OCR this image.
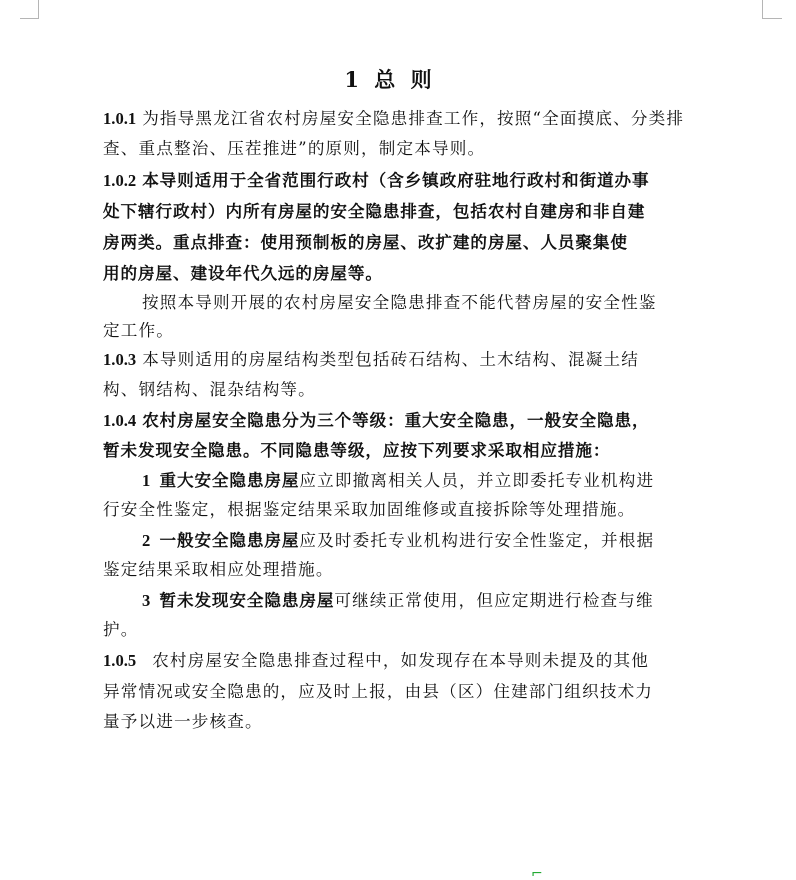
1 总 则
1.0.1 为指导黑龙江省农村房屋安全隐患排查工作，按照“全面摸底、分类排
查、重点整治、压茬推进”的原则，制定本导则。
1.0.2 本导则适用于全省范围行政村（含乡镇政府驻地行政村和街道办事
处下辖行政村）内所有房屋的安全隐患排查，包括农村自建房和非自建
房两类。重点排查：使用预制板的房屋、改扩建的房屋、人员聚集使
用的房屋、建设年代久远的房屋等。
按照本导则开展的农村房屋安全隐患排查不能代替房屋的安全性鉴
定工作。
1.0.3 本导则适用的房屋结构类型包括砖石结构、土木结构、混凝土结
构、钢结构、混杂结构等。
1.0.4 农村房屋安全隐患分为三个等级：重大安全隐患，一般安全隐患，
暂未发现安全隐患。不同隐患等级，应按下列要求采取相应措施：
1 重大安全隐患房屋应立即撤离相关人员，并立即委托专业机构进
行安全性鉴定，根据鉴定结果采取加固维修或直接拆除等处理措施。
2 一般安全隐患房屋应及时委托专业机构进行安全性鉴定，并根据
鉴定结果采取相应处理措施。
3 暂未发现安全隐患房屋可继续正常使用，但应定期进行检查与维
护。
1.0.5 农村房屋安全隐患排查过程中，如发现存在本导则未提及的其他
异常情况或安全隐患的，应及时上报，由县（区）住建部门组织技术力
量予以进一步核查。
⌐
